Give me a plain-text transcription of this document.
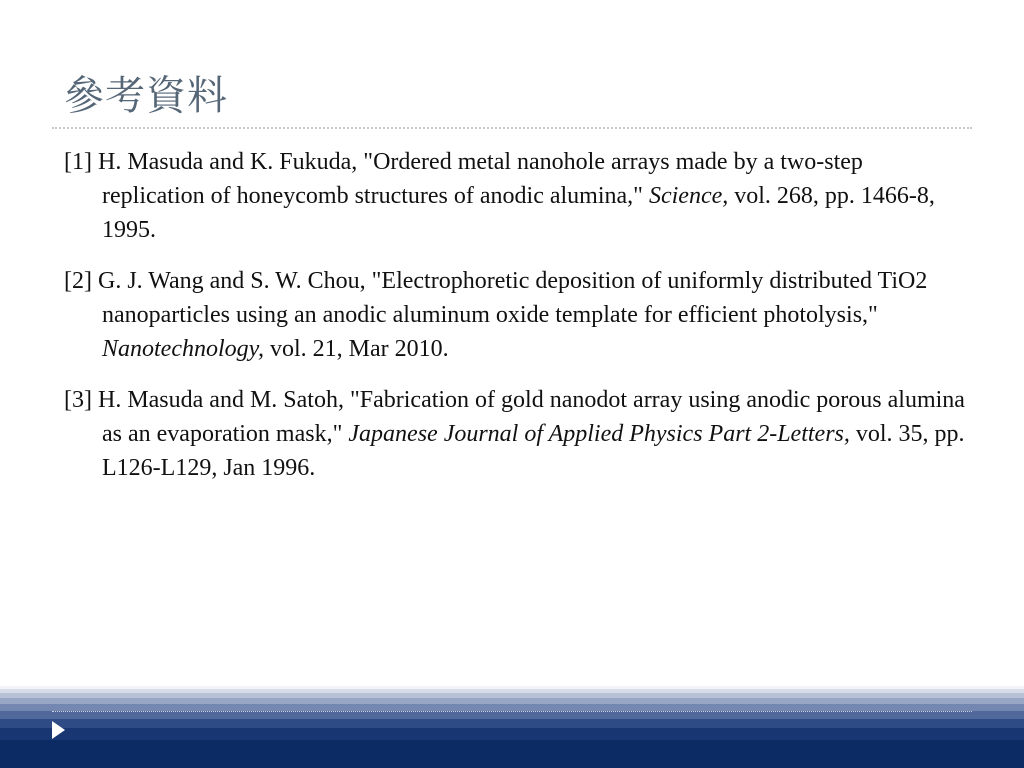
參考資料
[1] H. Masuda and K. Fukuda, "Ordered metal nanohole arrays made by a two-step replication of honeycomb structures of anodic alumina," Science, vol. 268, pp. 1466-8, 1995.
[2] G. J. Wang and S. W. Chou, "Electrophoretic deposition of uniformly distributed TiO2 nanoparticles using an anodic aluminum oxide template for efficient photolysis," Nanotechnology, vol. 21, Mar 2010.
[3] H. Masuda and M. Satoh, "Fabrication of gold nanodot array using anodic porous alumina as an evaporation mask," Japanese Journal of Applied Physics Part 2-Letters, vol. 35, pp. L126-L129, Jan 1996.
